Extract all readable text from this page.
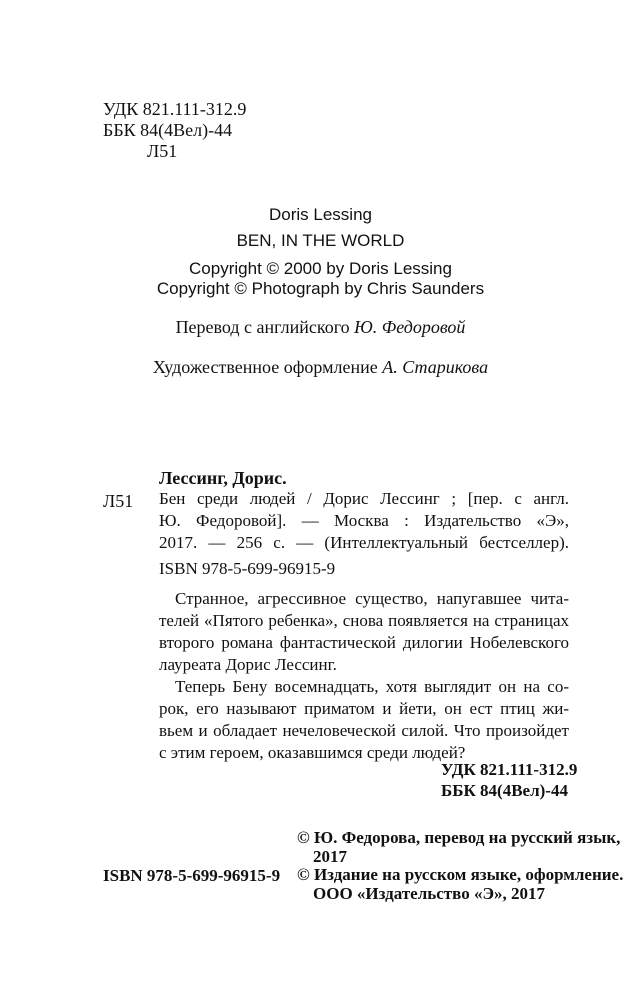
УДК 821.111-312.9
ББК 84(4Вел)-44
Л51
Doris Lessing
BEN, IN THE WORLD
Copyright © 2000 by Doris Lessing
Copyright © Photograph by Chris Saunders
Перевод с английского Ю. Федоровой
Художественное оформление А. Старикова
Лессинг, Дорис.
Л51 Бен среди людей / Дорис Лессинг ; [пер. с англ.
Ю. Федоровой]. — Москва : Издательство «Э»,
2017. — 256 с. — (Интеллектуальный бестселлер).
ISBN 978-5-699-96915-9
Странное, агрессивное существо, напугавшее чита-
телей «Пятого ребенка», снова появляется на страницах
второго романа фантастической дилогии Нобелевского
лауреата Дорис Лессинг.
Теперь Бену восемнадцать, хотя выглядит он на со-
рок, его называют приматом и йети, он ест птиц жи-
вьем и обладает нечеловеческой силой. Что произойдет
с этим героем, оказавшимся среди людей?
УДК 821.111-312.9
ББК 84(4Вел)-44
© Ю. Федорова, перевод на русский язык,
2017
© Издание на русском языке, оформление.
ООО «Издательство «Э», 2017
ISBN 978-5-699-96915-9
